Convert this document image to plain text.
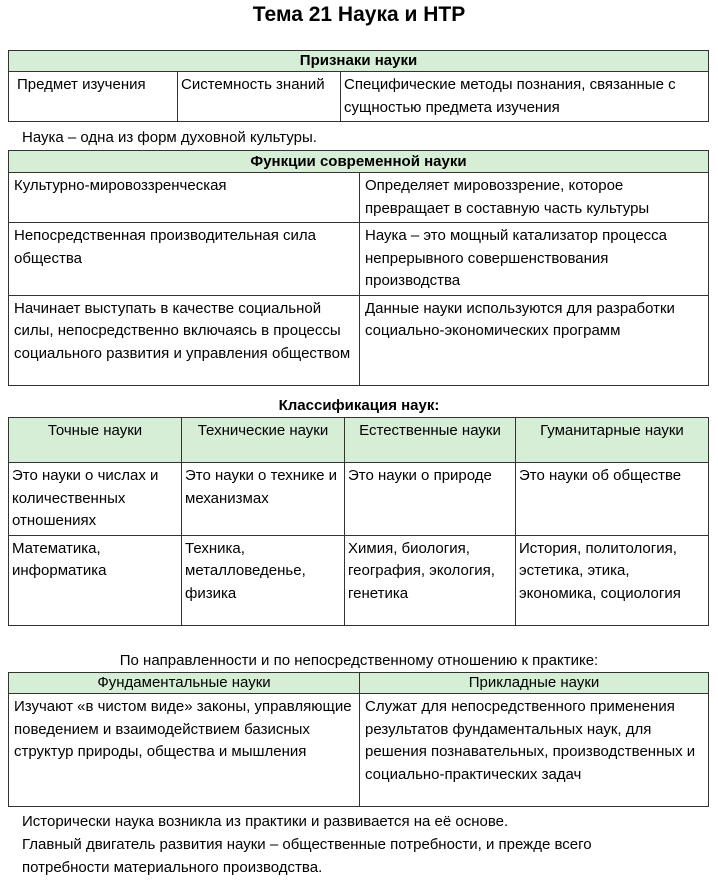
Тема 21 Наука и НТР
Признаки науки
Предмет изучения	Системность знаний	Специфические методы познания, связанные с сущностью предмета изучения
Наука – одна из форм духовной культуры.
Функции современной науки	
Культурно-мировоззренческая	Определяет мировоззрение, которое превращает в составную часть культуры
Непосредственная производительная сила общества	Наука – это мощный катализатор процесса непрерывного совершенствования производства
Начинает выступать в качестве социальной силы, непосредственно включаясь в процессы социального развития и управления обществом	Данные науки используются для разработки социально-экономических программ
Классификация наук:
Точные науки	Технические науки	Естественные науки	Гуманитарные науки
Это науки о числах и количественных отношениях	Это науки о технике и механизмах	Это науки о природе	Это науки об обществе
Математика, информатика	Техника, металловеденье, физика	Химия, биология, география, экология, генетика	История, политология, эстетика, этика, экономика, социология
По направленности и по непосредственному отношению к практике:
Фундаментальные науки	Прикладные науки
Изучают «в чистом виде» законы, управляющие поведением и взаимодействием базисных структур природы, общества и мышления	Служат для непосредственного применения результатов фундаментальных наук, для решения познавательных, производственных и социально-практических задач
Исторически наука возникла из практики и развивается на её основе.
Главный двигатель развития науки – общественные потребности, и прежде всего
потребности материального производства.
